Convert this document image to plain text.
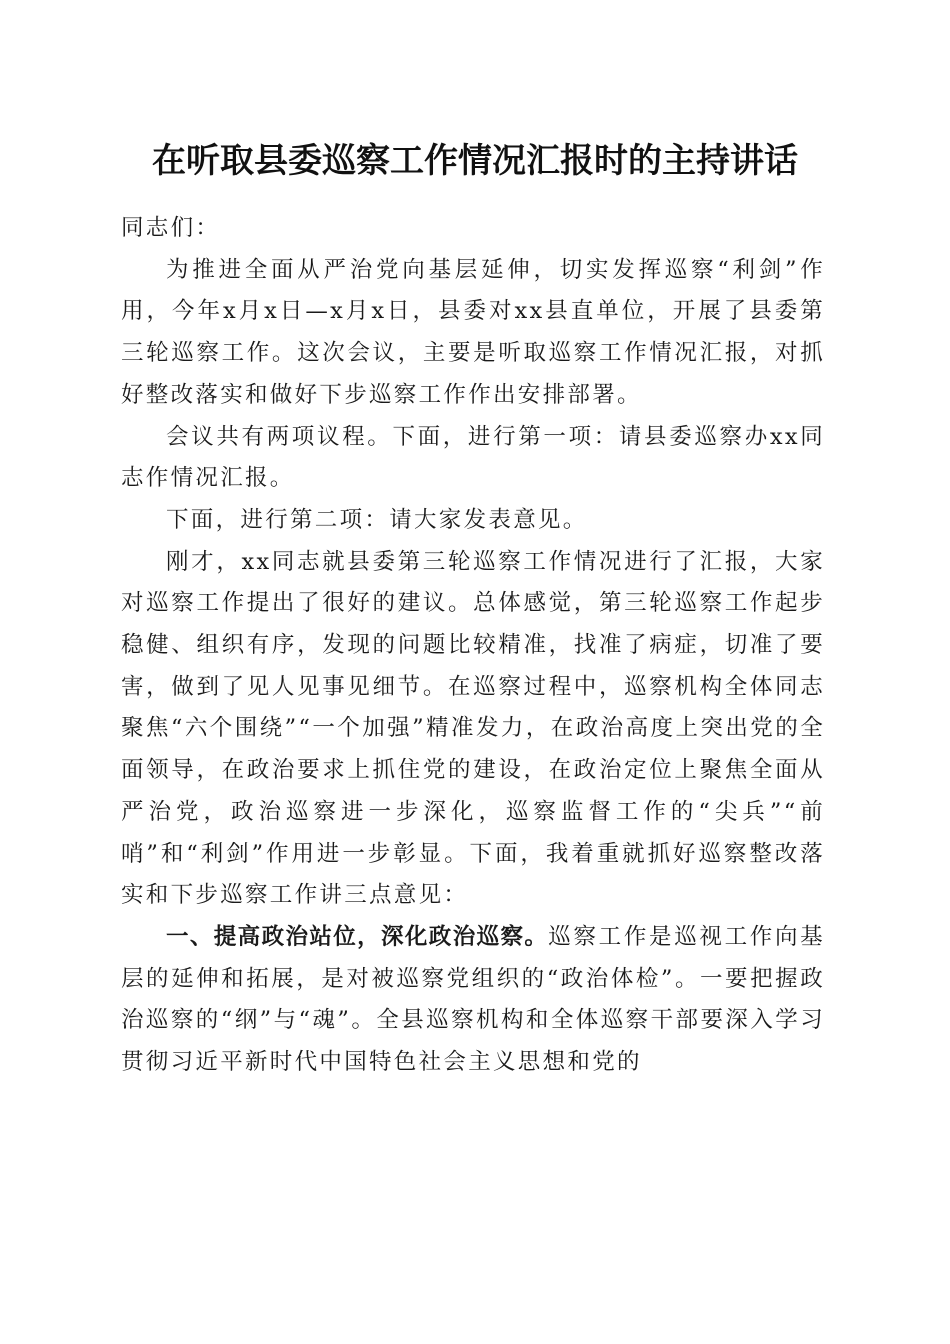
在听取县委巡察工作情况汇报时的主持讲话

同志们：

为推进全面从严治党向基层延伸，切实发挥巡察“利剑”作用，今年x月x日—x月x日，县委对xx县直单位，开展了县委第三轮巡察工作。这次会议，主要是听取巡察工作情况汇报，对抓好整改落实和做好下步巡察工作作出安排部署。

会议共有两项议程。下面，进行第一项：请县委巡察办xx同志作情况汇报。

下面，进行第二项：请大家发表意见。

刚才，xx同志就县委第三轮巡察工作情况进行了汇报，大家对巡察工作提出了很好的建议。总体感觉，第三轮巡察工作起步稳健、组织有序，发现的问题比较精准，找准了病症，切准了要害，做到了见人见事见细节。在巡察过程中，巡察机构全体同志聚焦“六个围绕”“一个加强”精准发力，在政治高度上突出党的全面领导，在政治要求上抓住党的建设，在政治定位上聚焦全面从严治党，政治巡察进一步深化，巡察监督工作的“尖兵”“前哨”和“利剑”作用进一步彰显。下面，我着重就抓好巡察整改落实和下步巡察工作讲三点意见：

一、提高政治站位，深化政治巡察。巡察工作是巡视工作向基层的延伸和拓展，是对被巡察党组织的“政治体检”。一要把握政治巡察的“纲”与“魂”。全县巡察机构和全体巡察干部要深入学习贯彻习近平新时代中国特色社会主义思想和党的
